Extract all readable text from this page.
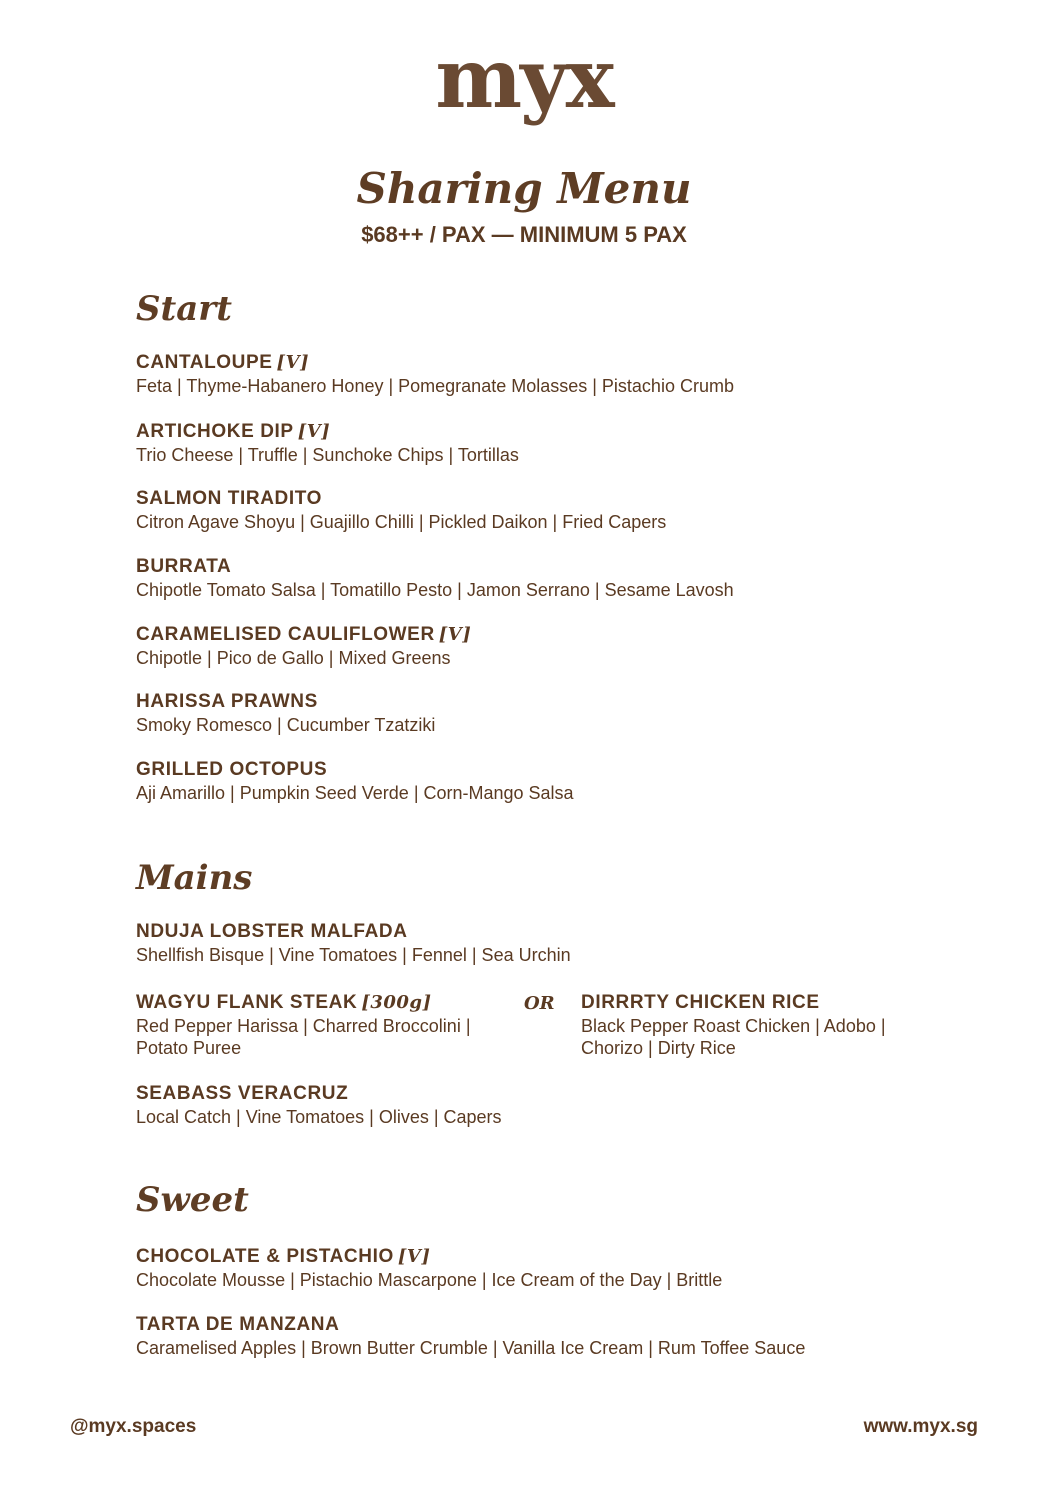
myx
Sharing Menu
$68++ / PAX — MINIMUM 5 PAX
Start
CANTALOUPE [V]
Feta | Thyme-Habanero Honey | Pomegranate Molasses | Pistachio Crumb
ARTICHOKE DIP [V]
Trio Cheese | Truffle | Sunchoke Chips | Tortillas
SALMON TIRADITO
Citron Agave Shoyu | Guajillo Chilli | Pickled Daikon | Fried Capers
BURRATA
Chipotle Tomato Salsa | Tomatillo Pesto | Jamon Serrano | Sesame Lavosh
CARAMELISED CAULIFLOWER [V]
Chipotle | Pico de Gallo | Mixed Greens
HARISSA PRAWNS
Smoky Romesco | Cucumber Tzatziki
GRILLED OCTOPUS
Aji Amarillo | Pumpkin Seed Verde | Corn-Mango Salsa
Mains
NDUJA LOBSTER MALFADA
Shellfish Bisque | Vine Tomatoes | Fennel | Sea Urchin
WAGYU FLANK STEAK [300g]
Red Pepper Harissa | Charred Broccolini | Potato Puree
OR DIRRRTY CHICKEN RICE
Black Pepper Roast Chicken | Adobo | Chorizo | Dirty Rice
SEABASS VERACRUZ
Local Catch | Vine Tomatoes | Olives | Capers
Sweet
CHOCOLATE & PISTACHIO [V]
Chocolate Mousse | Pistachio Mascarpone | Ice Cream of the Day | Brittle
TARTA DE MANZANA
Caramelised Apples | Brown Butter Crumble | Vanilla Ice Cream | Rum Toffee Sauce
@myx.spaces	www.myx.sg
